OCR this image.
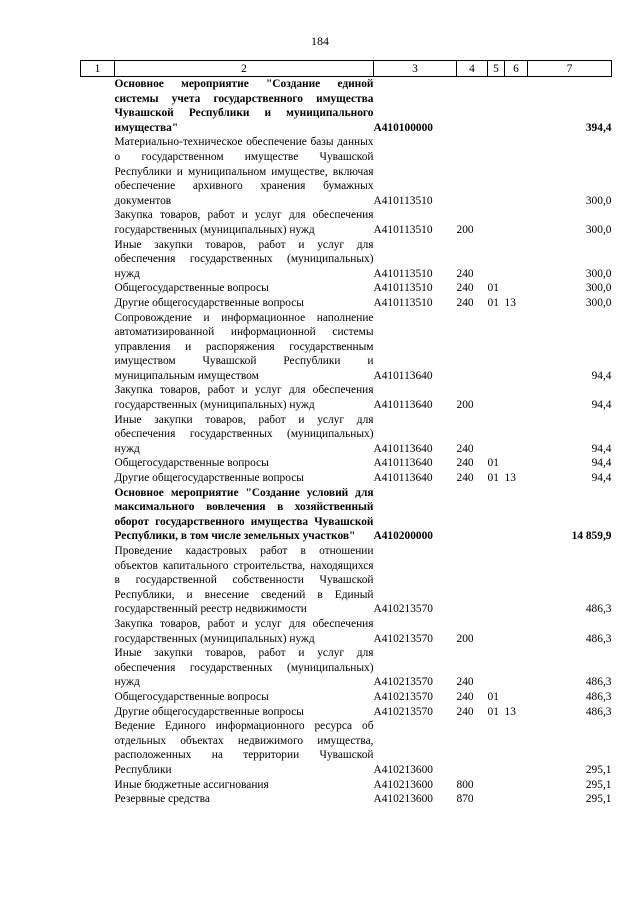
184
1	2	3	4	5	6	7
	Основное мероприятие "Создание единой системы учета государственного имущества Чувашской Республики и муниципального имущества"	А410100000				394,4
	Материально-техническое обеспечение базы данных о государственном имуществе Чувашской Республики и муниципальном имуществе, включая обеспечение архивного хранения бумажных документов	А410113510				300,0
	Закупка товаров, работ и услуг для обеспечения государственных (муниципальных) нужд	А410113510	200			300,0
	Иные закупки товаров, работ и услуг для обеспечения государственных (муниципальных) нужд	А410113510	240			300,0
	Общегосударственные вопросы	А410113510	240	01		300,0
	Другие общегосударственные вопросы	А410113510	240	01	13	300,0
	Сопровождение и информационное наполнение автоматизированной информационной системы управления и распоряжения государственным имуществом Чувашской Республики и муниципальным имуществом	А410113640				94,4
	Закупка товаров, работ и услуг для обеспечения государственных (муниципальных) нужд	А410113640	200			94,4
	Иные закупки товаров, работ и услуг для обеспечения государственных (муниципальных) нужд	А410113640	240			94,4
	Общегосударственные вопросы	А410113640	240	01		94,4
	Другие общегосударственные вопросы	А410113640	240	01	13	94,4
	Основное мероприятие "Создание условий для максимального вовлечения в хозяйственный оборот государственного имущества Чувашской Республики, в том числе земельных участков"	А410200000				14 859,9
	Проведение кадастровых работ в отношении объектов капитального строительства, находящихся в государственной собственности Чувашской Республики, и внесение сведений в Единый государственный реестр недвижимости	А410213570				486,3
	Закупка товаров, работ и услуг для обеспечения государственных (муниципальных) нужд	А410213570	200			486,3
	Иные закупки товаров, работ и услуг для обеспечения государственных (муниципальных) нужд	А410213570	240			486,3
	Общегосударственные вопросы	А410213570	240	01		486,3
	Другие общегосударственные вопросы	А410213570	240	01	13	486,3
	Ведение Единого информационного ресурса об отдельных объектах недвижимого имущества, расположенных на территории Чувашской Республики	А410213600				295,1
	Иные бюджетные ассигнования	А410213600	800			295,1
	Резервные средства	А410213600	870			295,1
